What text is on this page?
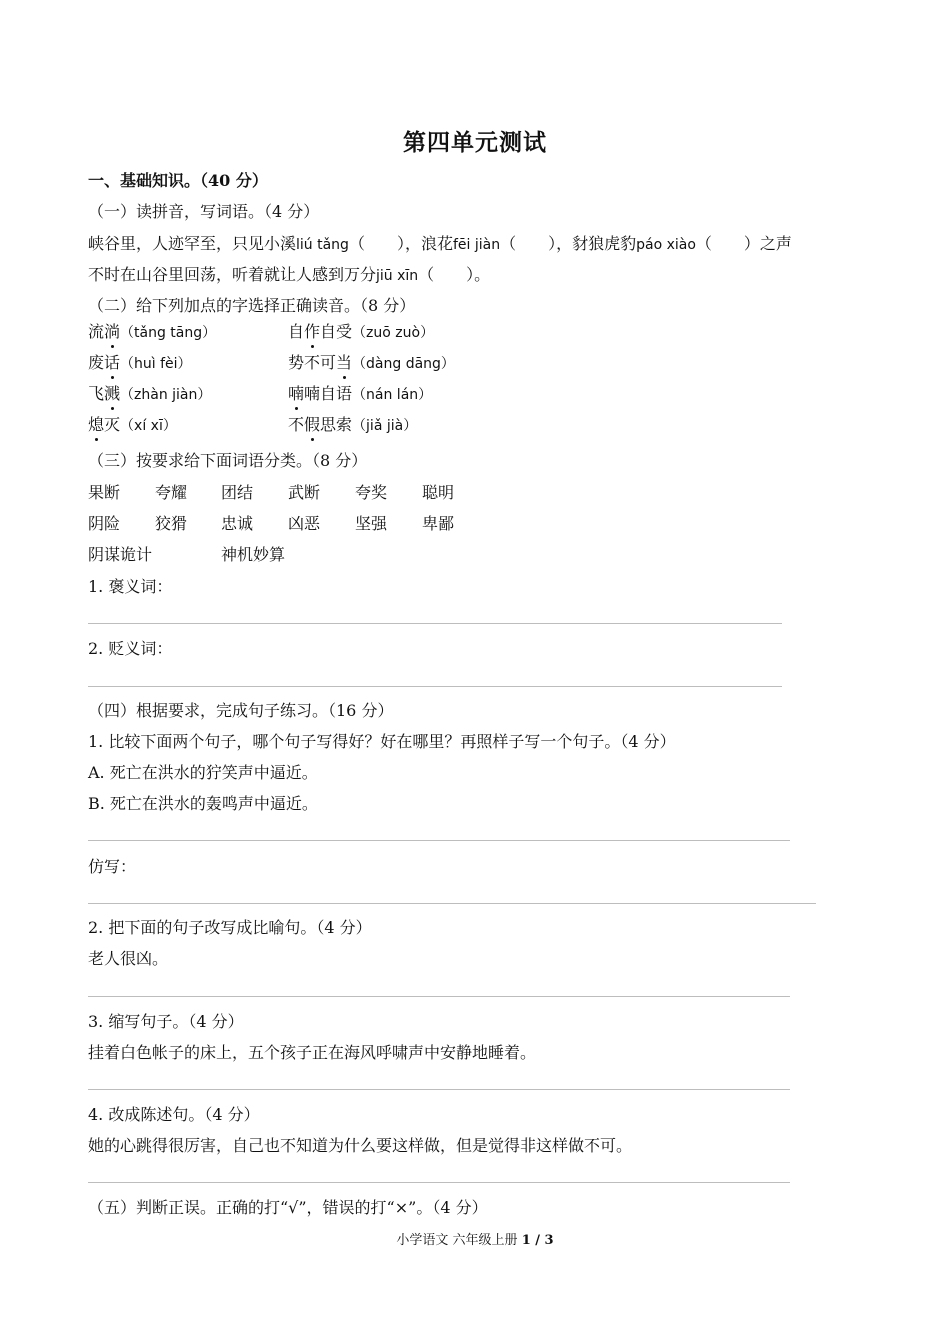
第四单元测试
一、基础知识。（40 分）
（一）读拼音，写词语。（4 分）
峡谷里，人迹罕至，只见小溪liú tǎng（　　），浪花fēi jiàn（　　），豺狼虎豹páo xiào（　　）之声
不时在山谷里回荡，听着就让人感到万分jiū xīn（　　）。
（二）给下列加点的字选择正确读音。（8 分）
流淌（tǎng tāng）	自作自受（zuō zuò）
废话（huì fèi）	势不可当（dàng dāng）
飞溅（zhàn jiàn）	喃喃自语（nán lán）
熄灭（xí xī）	不假思索（jiǎ jià）
（三）按要求给下面词语分类。（8 分）
果断 夸耀 团结 武断 夸奖 聪明
阴险 狡猾 忠诚 凶恶 坚强 卑鄙
阴谋诡计	神机妙算
1. 褒义词：
2. 贬义词：
（四）根据要求，完成句子练习。（16 分）
1. 比较下面两个句子，哪个句子写得好？好在哪里？再照样子写一个句子。（4 分）
A. 死亡在洪水的狞笑声中逼近。
B. 死亡在洪水的轰鸣声中逼近。
仿写：
2. 把下面的句子改写成比喻句。（4 分）
老人很凶。
3. 缩写句子。（4 分）
挂着白色帐子的床上，五个孩子正在海风呼啸声中安静地睡着。
4. 改成陈述句。（4 分）
她的心跳得很厉害，自己也不知道为什么要这样做，但是觉得非这样做不可。
（五）判断正误。正确的打“√”，错误的打“×”。（4 分）
小学语文 六年级上册 1 / 3
